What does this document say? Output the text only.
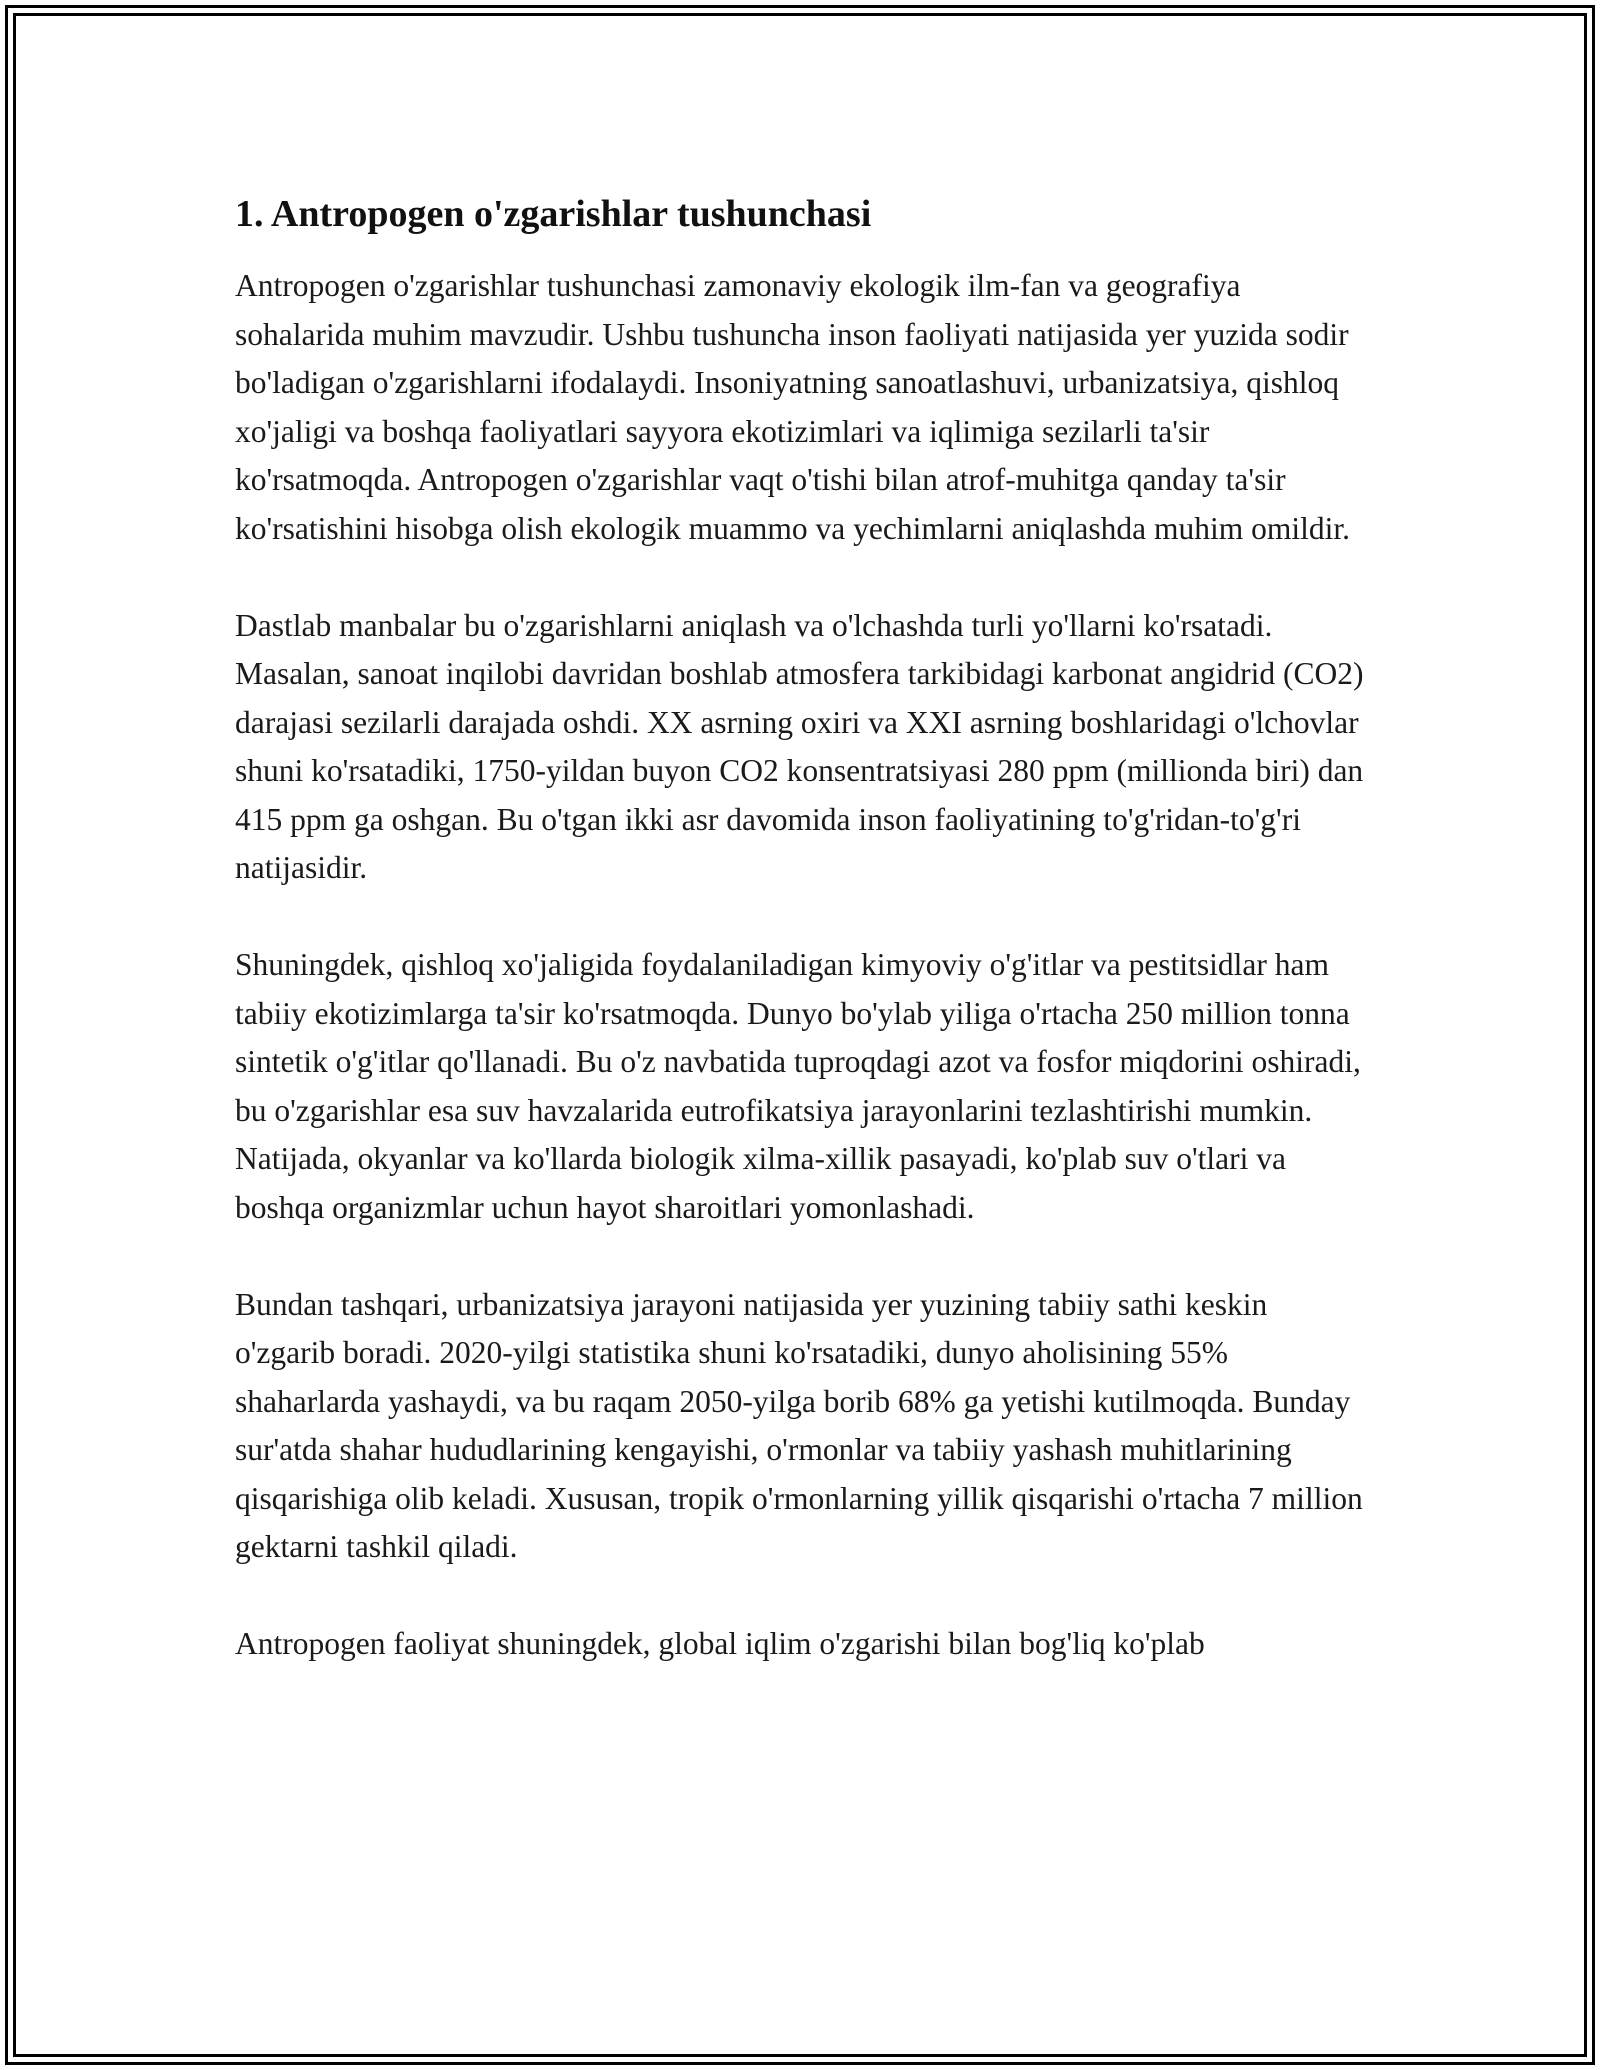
1. Antropogen o'zgarishlar tushunchasi

Antropogen o'zgarishlar tushunchasi zamonaviy ekologik ilm-fan va geografiya sohalarida muhim mavzudir. Ushbu tushuncha inson faoliyati natijasida yer yuzida sodir bo'ladigan o'zgarishlarni ifodalaydi. Insoniyatning sanoatlashuvi, urbanizatsiya, qishloq xo'jaligi va boshqa faoliyatlari sayyora ekotizimlari va iqlimiga sezilarli ta'sir ko'rsatmoqda. Antropogen o'zgarishlar vaqt o'tishi bilan atrof-muhitga qanday ta'sir ko'rsatishini hisobga olish ekologik muammo va yechimlarni aniqlashda muhim omildir.

Dastlab manbalar bu o'zgarishlarni aniqlash va o'lchashda turli yo'llarni ko'rsatadi. Masalan, sanoat inqilobi davridan boshlab atmosfera tarkibidagi karbonat angidrid (CO2) darajasi sezilarli darajada oshdi. XX asrning oxiri va XXI asrning boshlaridagi o'lchovlar shuni ko'rsatadiki, 1750-yildan buyon CO2 konsentratsiyasi 280 ppm (millionda biri) dan 415 ppm ga oshgan. Bu o'tgan ikki asr davomida inson faoliyatining to'g'ridan-to'g'ri natijasidir.

Shuningdek, qishloq xo'jaligida foydalaniladigan kimyoviy o'g'itlar va pestitsidlar ham tabiiy ekotizimlarga ta'sir ko'rsatmoqda. Dunyo bo'ylab yiliga o'rtacha 250 million tonna sintetik o'g'itlar qo'llanadi. Bu o'z navbatida tuproqdagi azot va fosfor miqdorini oshiradi, bu o'zgarishlar esa suv havzalarida eutrofikatsiya jarayonlarini tezlashtirishi mumkin. Natijada, okyanlar va ko'llarda biologik xilma-xillik pasayadi, ko'plab suv o'tlari va boshqa organizmlar uchun hayot sharoitlari yomonlashadi.

Bundan tashqari, urbanizatsiya jarayoni natijasida yer yuzining tabiiy sathi keskin o'zgarib boradi. 2020-yilgi statistika shuni ko'rsatadiki, dunyo aholisining 55% shaharlarda yashaydi, va bu raqam 2050-yilga borib 68% ga yetishi kutilmoqda. Bunday sur'atda shahar hududlarining kengayishi, o'rmonlar va tabiiy yashash muhitlarining qisqarishiga olib keladi. Xususan, tropik o'rmonlarning yillik qisqarishi o'rtacha 7 million gektarni tashkil qiladi.

Antropogen faoliyat shuningdek, global iqlim o'zgarishi bilan bog'liq ko'plab
